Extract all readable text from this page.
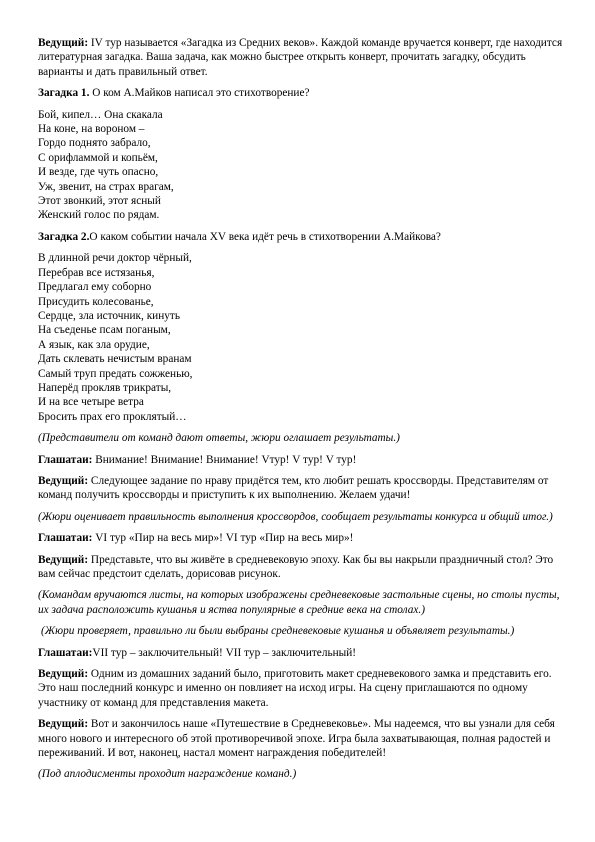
Ведущий: IV тур называется «Загадка из Средних веков». Каждой команде вручается конверт, где находится литературная загадка. Ваша задача, как можно быстрее открыть конверт, прочитать загадку, обсудить варианты и дать правильный ответ.

Загадка 1. О ком А.Майков написал это стихотворение?

Бой, кипел… Она скакала
На коне, на вороном –
Гордо поднято забрало,
С орифламмой и копьём,
И везде, где чуть опасно,
Уж, звенит, на страх врагам,
Этот звонкий, этот ясный
Женский голос по рядам.

Загадка 2.О каком событии начала XV века идёт речь в стихотворении А.Майкова?

В длинной речи доктор чёрный,
Перебрав все истязанья,
Предлагал ему соборно
Присудить колесованье,
Сердце, зла источник, кинуть
На съеденье псам поганым,
А язык, как зла орудие,
Дать склевать нечистым вранам
Самый труп предать сожженью,
Наперёд прокляв трикраты,
И на все четыре ветра
Бросить прах его проклятый…

(Представители от команд дают ответы, жюри оглашает результаты.)

Глашатаи: Внимание! Внимание! Внимание! Vтур! V тур! V тур!

Ведущий: Следующее задание по нраву придётся тем, кто любит решать кроссворды. Представителям от команд получить кроссворды и приступить к их выполнению. Желаем удачи!

(Жюри оценивает правильность выполнения кроссвордов, сообщает результаты конкурса и общий итог.)

Глашатаи: VI тур «Пир на весь мир»! VI тур «Пир на весь мир»!

Ведущий: Представьте, что вы живёте в средневековую эпоху. Как бы вы накрыли праздничный стол? Это вам сейчас предстоит сделать, дорисовав рисунок.

(Командам вручаются листы, на которых изображены средневековые застольные сцены, но столы пусты, их задача расположить кушанья и яства популярные в средние века на столах.)

(Жюри проверяет, правильно ли были выбраны средневековые кушанья и объявляет результаты.)

Глашатаи:VII тур – заключительный! VII тур – заключительный!

Ведущий: Одним из домашних заданий было, приготовить макет средневекового замка и представить его. Это наш последний конкурс и именно он повлияет на исход игры. На сцену приглашаются по одному участнику от команд для представления макета.

Ведущий: Вот и закончилось наше «Путешествие в Средневековье». Мы надеемся, что вы узнали для себя много нового и интересного об этой противоречивой эпохе. Игра была захватывающая, полная радостей и переживаний. И вот, наконец, настал момент награждения победителей!

(Под аплодисменты проходит награждение команд.)
